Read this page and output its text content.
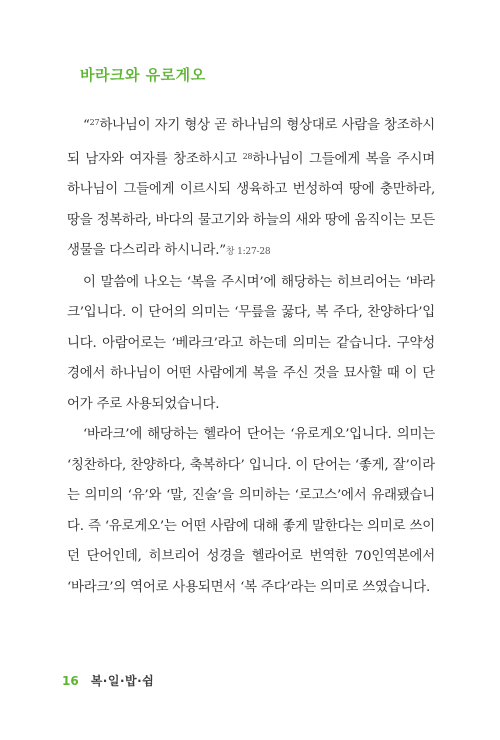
바라크와 유로게오

“$^{27}$하나님이 자기 형상 곧 하나님의 형상대로 사람을 창조하시되 남자와 여자를 창조하시고 $^{28}$하나님이 그들에게 복을 주시며 하나님이 그들에게 이르시되 생육하고 번성하여 땅에 충만하라, 땅을 정복하라, 바다의 물고기와 하늘의 새와 땅에 움직이는 모든 생물을 다스리라 하시니라.”창 1:27-28

이 말씀에 나오는 ‘복을 주시며’에 해당하는 히브리어는 ‘바라크’입니다. 이 단어의 의미는 ‘무릎을 꿇다, 복 주다, 찬양하다’입니다. 아람어로는 ‘베라크’라고 하는데 의미는 같습니다. 구약성경에서 하나님이 어떤 사람에게 복을 주신 것을 묘사할 때 이 단어가 주로 사용되었습니다.

‘바라크’에 해당하는 헬라어 단어는 ‘유로게오’입니다. 의미는 ‘칭찬하다, 찬양하다, 축복하다’ 입니다. 이 단어는 ‘좋게, 잘’이라는 의미의 ‘유’와 ‘말, 진술’을 의미하는 ‘로고스’에서 유래됐습니다. 즉 ‘유로게오’는 어떤 사람에 대해 좋게 말한다는 의미로 쓰이던 단어인데, 히브리어 성경을 헬라어로 번역한 70인역본에서 ‘바라크’의 역어로 사용되면서 ‘복 주다’라는 의미로 쓰였습니다.

16 복·일·밥·쉼
